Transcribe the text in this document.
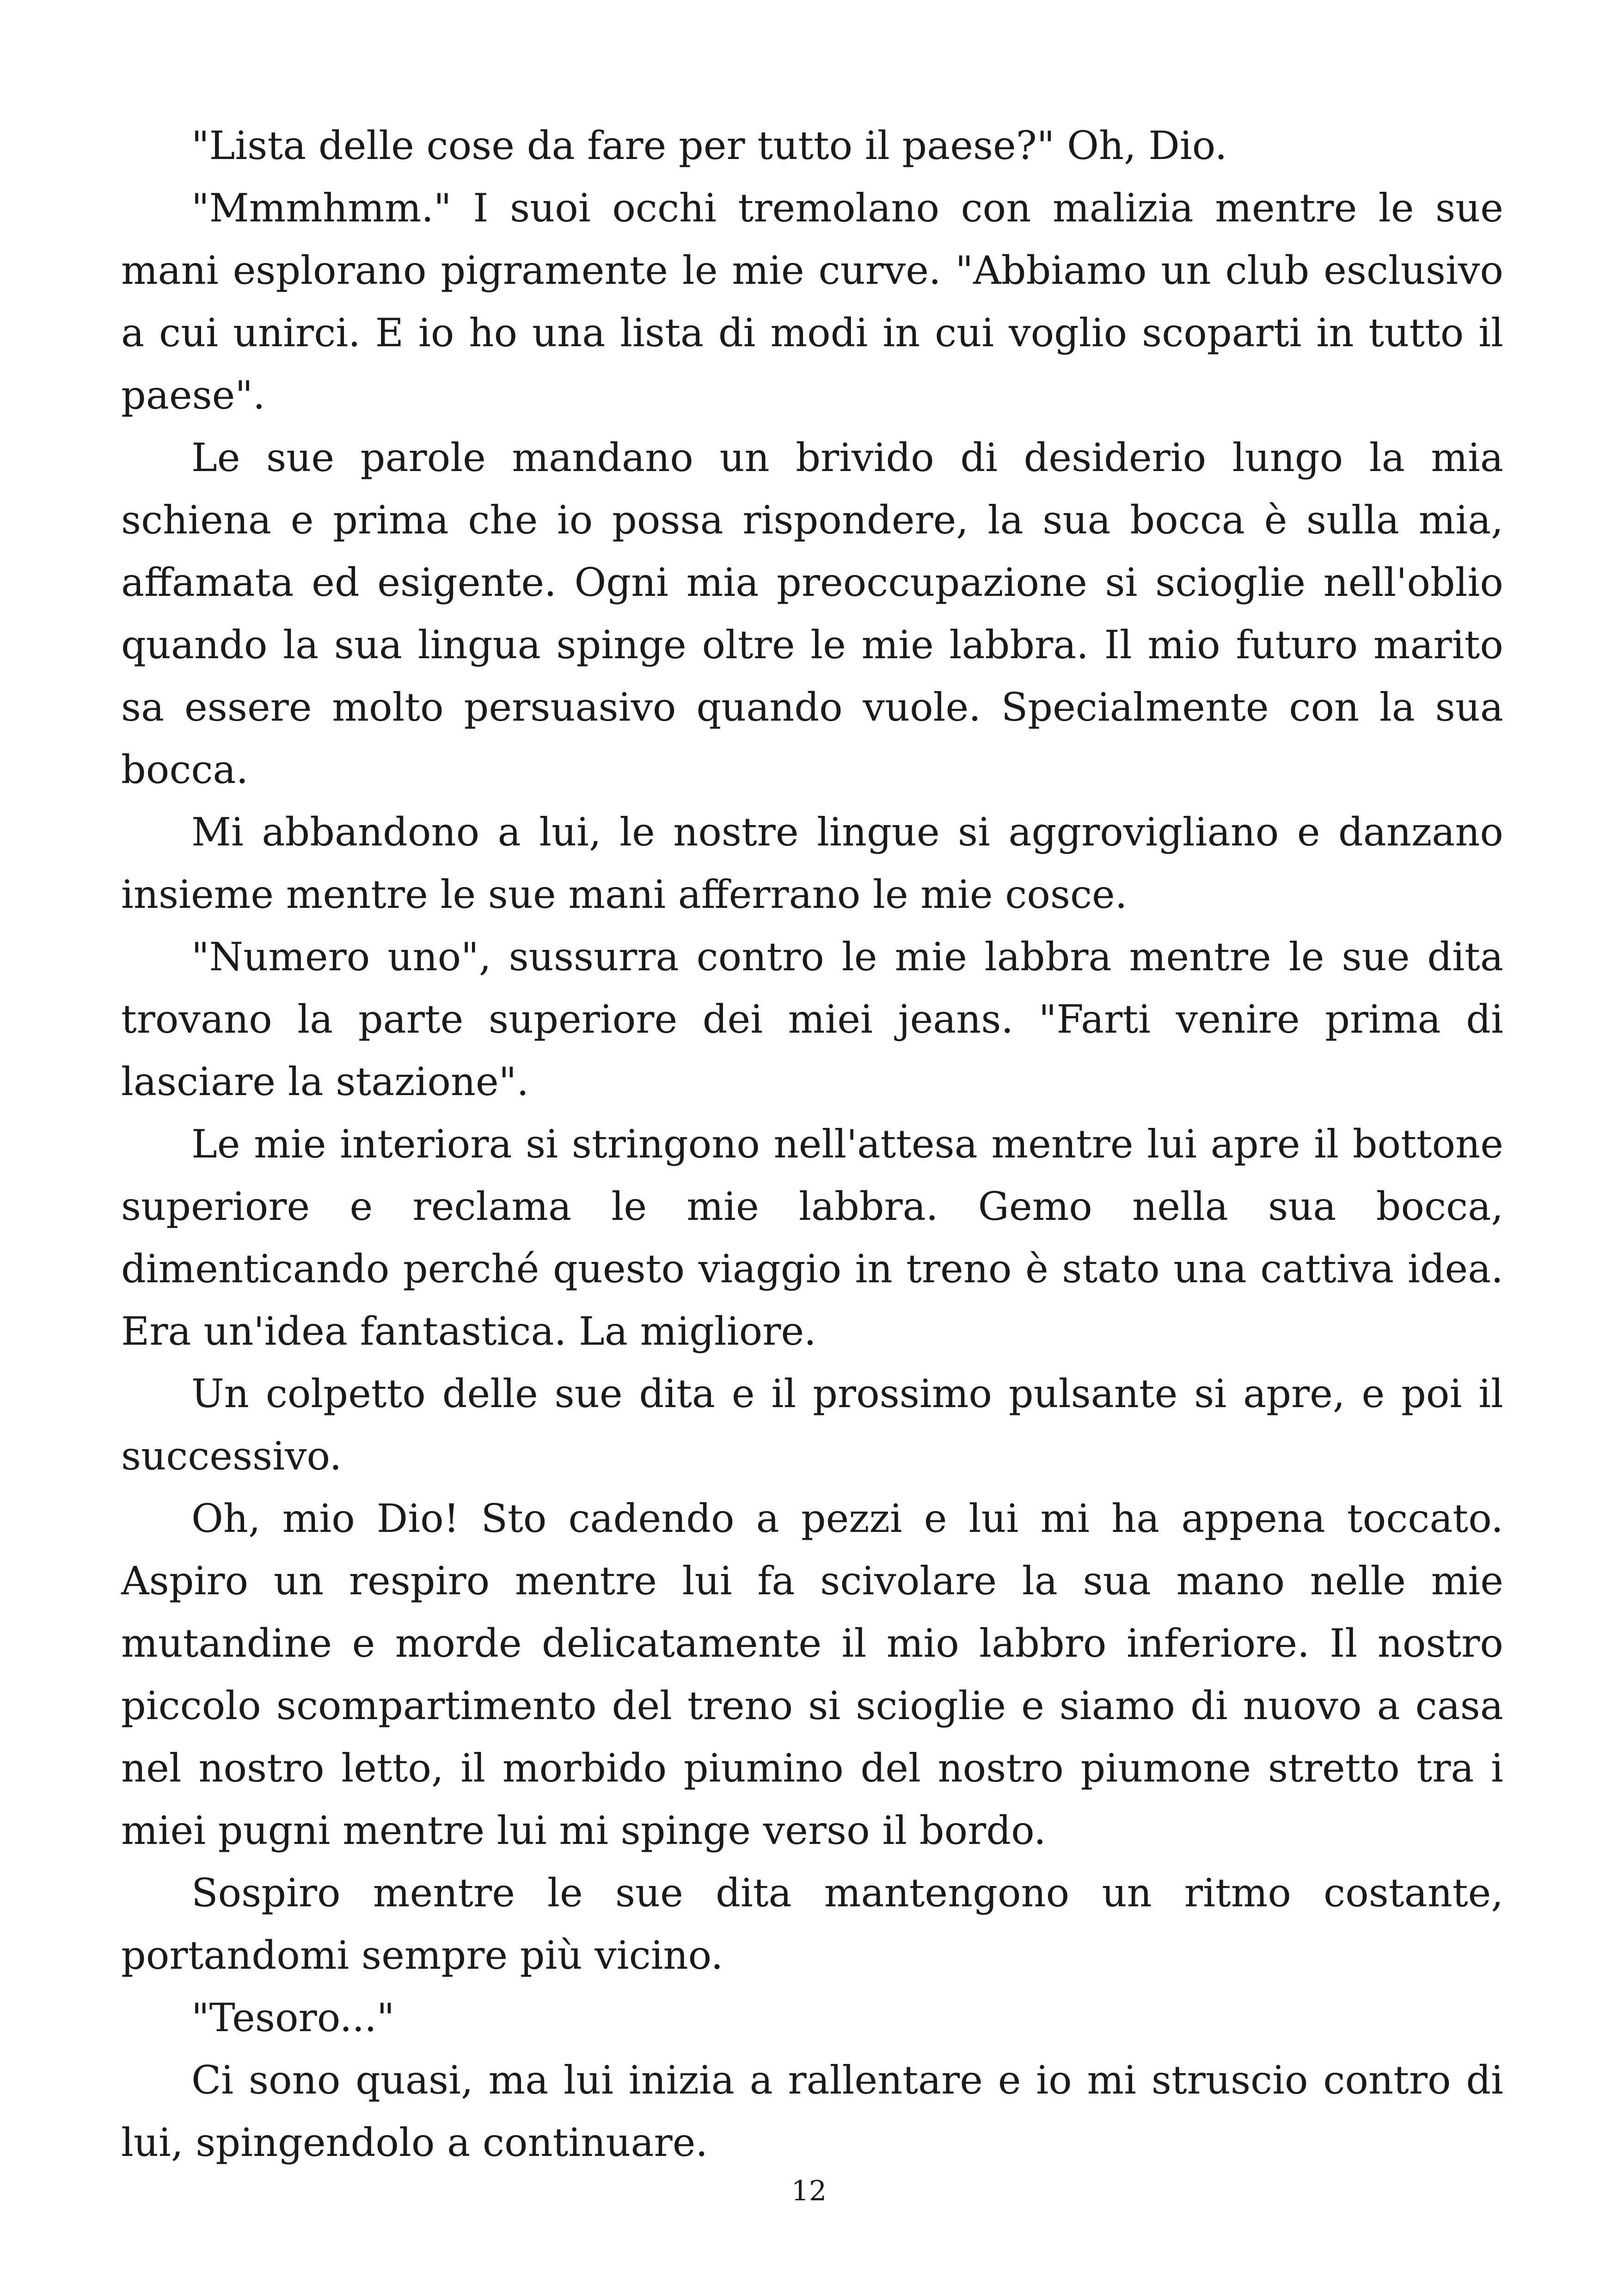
"Lista delle cose da fare per tutto il paese?" Oh, Dio.

"Mmmhmm." I suoi occhi tremolano con malizia mentre le sue mani esplorano pigramente le mie curve. "Abbiamo un club esclusivo a cui unirci. E io ho una lista di modi in cui voglio scoparti in tutto il paese".

Le sue parole mandano un brivido di desiderio lungo la mia schiena e prima che io possa rispondere, la sua bocca è sulla mia, affamata ed esigente. Ogni mia preoccupazione si scioglie nell'oblio quando la sua lingua spinge oltre le mie labbra. Il mio futuro marito sa essere molto persuasivo quando vuole. Specialmente con la sua bocca.

Mi abbandono a lui, le nostre lingue si aggrovigliano e danzano insieme mentre le sue mani afferrano le mie cosce.

"Numero uno", sussurra contro le mie labbra mentre le sue dita trovano la parte superiore dei miei jeans. "Farti venire prima di lasciare la stazione".

Le mie interiora si stringono nell'attesa mentre lui apre il bottone superiore e reclama le mie labbra. Gemo nella sua bocca, dimenticando perché questo viaggio in treno è stato una cattiva idea. Era un'idea fantastica. La migliore.

Un colpetto delle sue dita e il prossimo pulsante si apre, e poi il successivo.

Oh, mio Dio! Sto cadendo a pezzi e lui mi ha appena toccato. Aspiro un respiro mentre lui fa scivolare la sua mano nelle mie mutandine e morde delicatamente il mio labbro inferiore. Il nostro piccolo scompartimento del treno si scioglie e siamo di nuovo a casa nel nostro letto, il morbido piumino del nostro piumone stretto tra i miei pugni mentre lui mi spinge verso il bordo.

Sospiro mentre le sue dita mantengono un ritmo costante, portandomi sempre più vicino.

"Tesoro..."

Ci sono quasi, ma lui inizia a rallentare e io mi struscio contro di lui, spingendolo a continuare.

12
